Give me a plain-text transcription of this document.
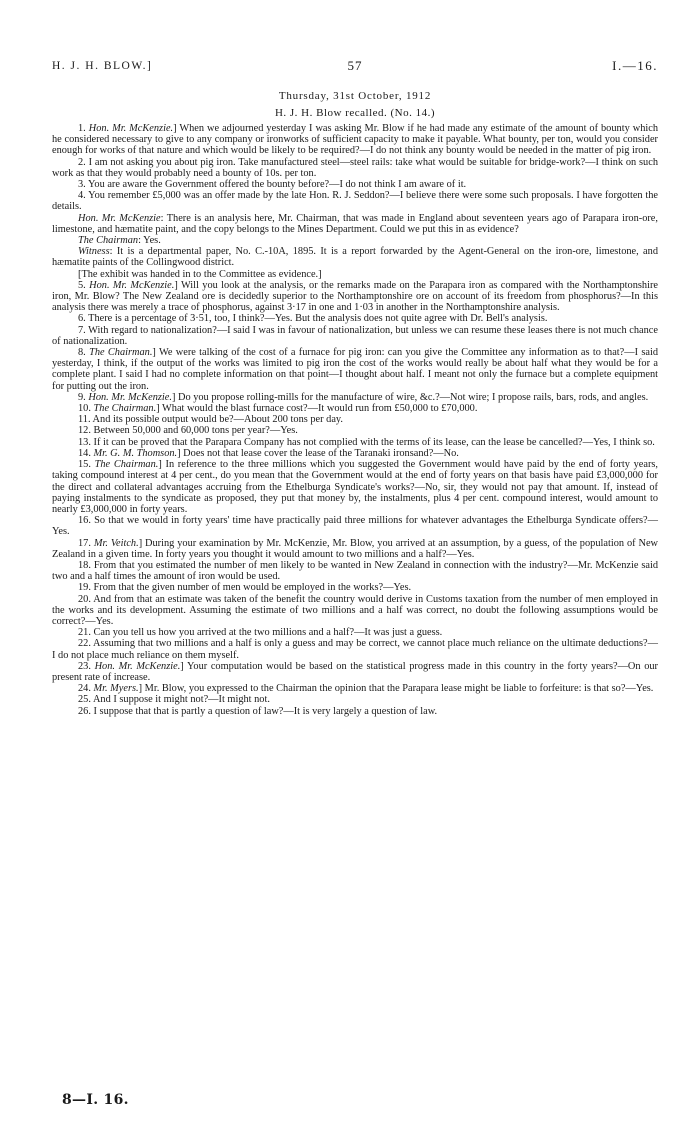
H. J. H. BLOW.]	57	I.—16.
Thursday, 31st October, 1912
H. J. H. Blow recalled. (No. 14.)

1. Hon. Mr. McKenzie.] When we adjourned yesterday I was asking Mr. Blow if he had made any estimate of the amount of bounty which he considered necessary to give to any company or ironworks of sufficient capacity to make it payable. What bounty, per ton, would you consider enough for works of that nature and which would be likely to be required?—I do not think any bounty would be needed in the matter of pig iron.

2. I am not asking you about pig iron. Take manufactured steel—steel rails: take what would be suitable for bridge-work?—I think on such work as that they would probably need a bounty of 10s. per ton.

3. You are aware the Government offered the bounty before?—I do not think I am aware of it.

4. You remember £5,000 was an offer made by the late Hon. R. J. Seddon?—I believe there were some such proposals. I have forgotten the details.

Hon. Mr. McKenzie: There is an analysis here, Mr. Chairman, that was made in England about seventeen years ago of Parapara iron-ore, limestone, and hæmatite paint, and the copy belongs to the Mines Department. Could we put this in as evidence?

The Chairman: Yes.

Witness: It is a departmental paper, No. C.-10A, 1895. It is a report forwarded by the Agent-General on the iron-ore, limestone, and hæmatite paints of the Collingwood district.

[The exhibit was handed in to the Committee as evidence.]

5. Hon. Mr. McKenzie.] Will you look at the analysis, or the remarks made on the Parapara iron as compared with the Northamptonshire iron, Mr. Blow? The New Zealand ore is decidedly superior to the Northamptonshire ore on account of its freedom from phosphorus?—In this analysis there was merely a trace of phosphorus, against 3·17 in one and 1·03 in another in the Northamptonshire analysis.

6. There is a percentage of 3·51, too, I think?—Yes. But the analysis does not quite agree with Dr. Bell's analysis.

7. With regard to nationalization?—I said I was in favour of nationalization, but unless we can resume these leases there is not much chance of nationalization.

8. The Chairman.] We were talking of the cost of a furnace for pig iron: can you give the Committee any information as to that?—I said yesterday, I think, if the output of the works was limited to pig iron the cost of the works would really be about half what they would be for a complete plant. I said I had no complete information on that point—I thought about half. I meant not only the furnace but a complete equipment for putting out the iron.

9. Hon. Mr. McKenzie.] Do you propose rolling-mills for the manufacture of wire, &c.?—Not wire; I propose rails, bars, rods, and angles.

10. The Chairman.] What would the blast furnace cost?—It would run from £50,000 to £70,000.

11. And its possible output would be?—About 200 tons per day.

12. Between 50,000 and 60,000 tons per year?—Yes.

13. If it can be proved that the Parapara Company has not complied with the terms of its lease, can the lease be cancelled?—Yes, I think so.

14. Mr. G. M. Thomson.] Does not that lease cover the lease of the Taranaki ironsand?—No.

15. The Chairman.] In reference to the three millions which you suggested the Government would have paid by the end of forty years, taking compound interest at 4 per cent., do you mean that the Government would at the end of forty years on that basis have paid £3,000,000 for the direct and collateral advantages accruing from the Ethelburga Syndicate's works?—No, sir, they would not pay that amount. If, instead of paying instalments to the syndicate as proposed, they put that money by, the instalments, plus 4 per cent. compound interest, would amount to nearly £3,000,000 in forty years.

16. So that we would in forty years' time have practically paid three millions for whatever advantages the Ethelburga Syndicate offers?—Yes.

17. Mr. Veitch.] During your examination by Mr. McKenzie, Mr. Blow, you arrived at an assumption, by a guess, of the population of New Zealand in a given time. In forty years you thought it would amount to two millions and a half?—Yes.

18. From that you estimated the number of men likely to be wanted in New Zealand in connection with the industry?—Mr. McKenzie said two and a half times the amount of iron would be used.

19. From that the given number of men would be employed in the works?—Yes.

20. And from that an estimate was taken of the benefit the country would derive in Customs taxation from the number of men employed in the works and its development. Assuming the estimate of two millions and a half was correct, no doubt the following assumptions would be correct?—Yes.

21. Can you tell us how you arrived at the two millions and a half?—It was just a guess.

22. Assuming that two millions and a half is only a guess and may be correct, we cannot place much reliance on the ultimate deductions?—I do not place much reliance on them myself.

23. Hon. Mr. McKenzie.] Your computation would be based on the statistical progress made in this country in the forty years?—On our present rate of increase.

24. Mr. Myers.] Mr. Blow, you expressed to the Chairman the opinion that the Parapara lease might be liable to forfeiture: is that so?—Yes.

25. And I suppose it might not?—It might not.

26. I suppose that that is partly a question of law?—It is very largely a question of law.

8—I. 16.
